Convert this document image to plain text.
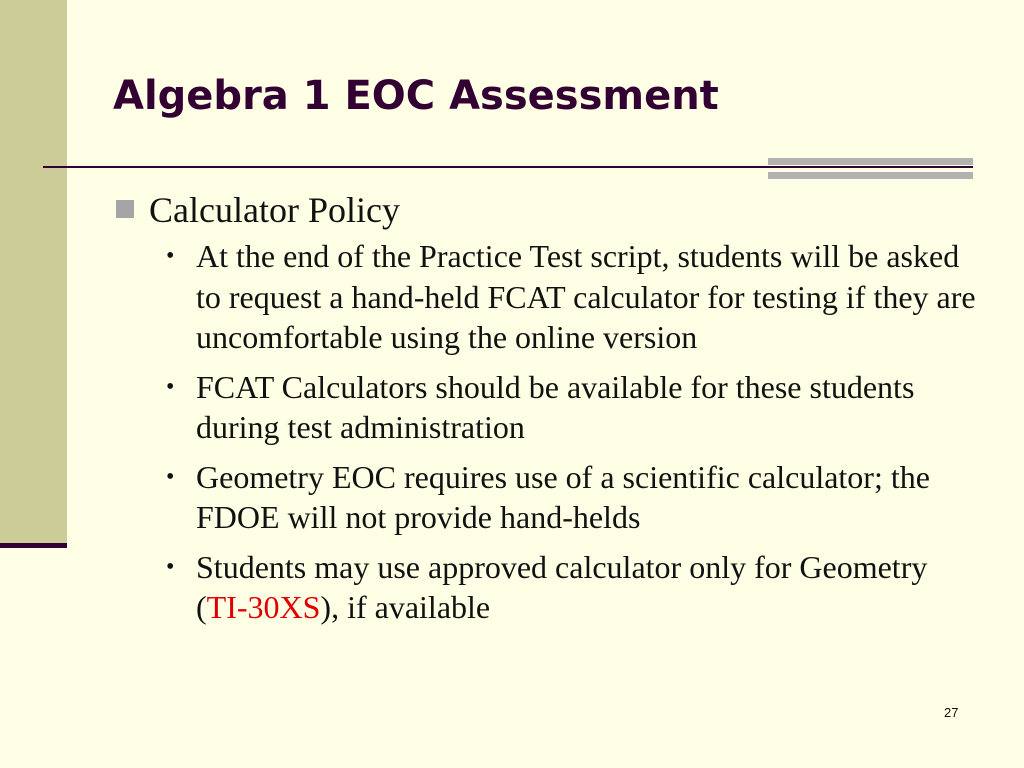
Algebra 1 EOC Assessment
Calculator Policy
• At the end of the Practice Test script, students will be asked to request a hand-held FCAT calculator for testing if they are uncomfortable using the online version
• FCAT Calculators should be available for these students during test administration
• Geometry EOC requires use of a scientific calculator; the FDOE will not provide hand-helds
• Students may use approved calculator only for Geometry (TI-30XS), if available
27
